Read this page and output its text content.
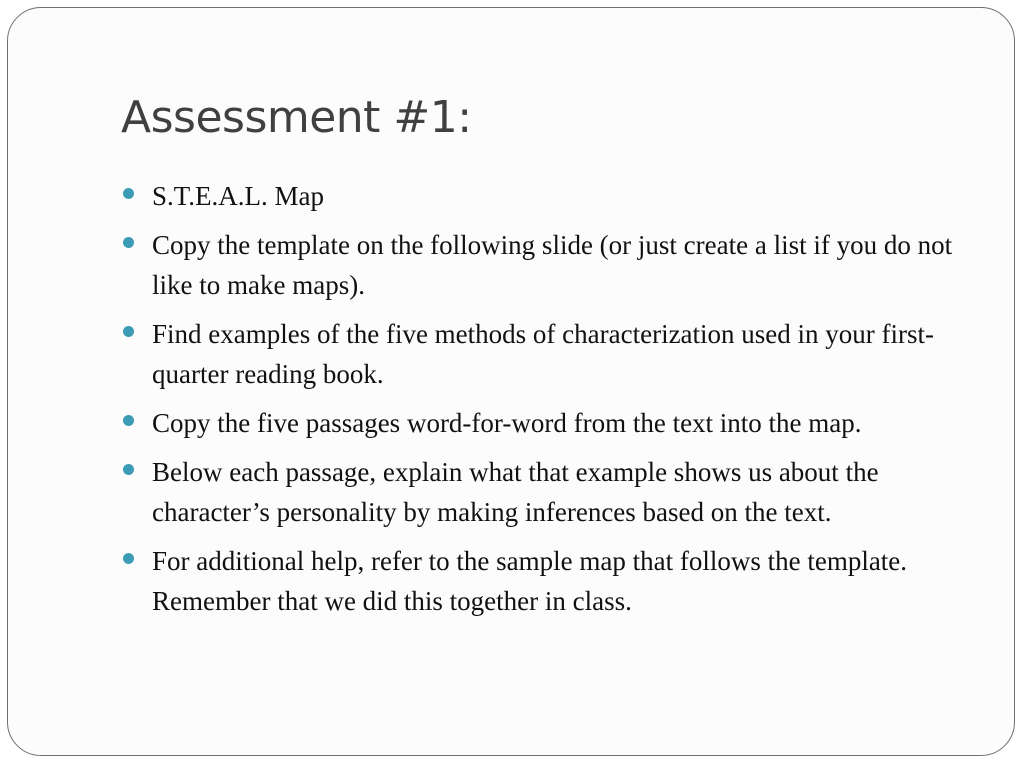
Assessment #1:
S.T.E.A.L. Map
Copy the template on the following slide (or just create a list if you do not like to make maps).
Find examples of the five methods of characterization used in your first-quarter reading book.
Copy the five passages word-for-word from the text into the map.
Below each passage, explain what that example shows us about the character’s personality by making inferences based on the text.
For additional help, refer to the sample map that follows the template.   Remember that we did this together in class.
